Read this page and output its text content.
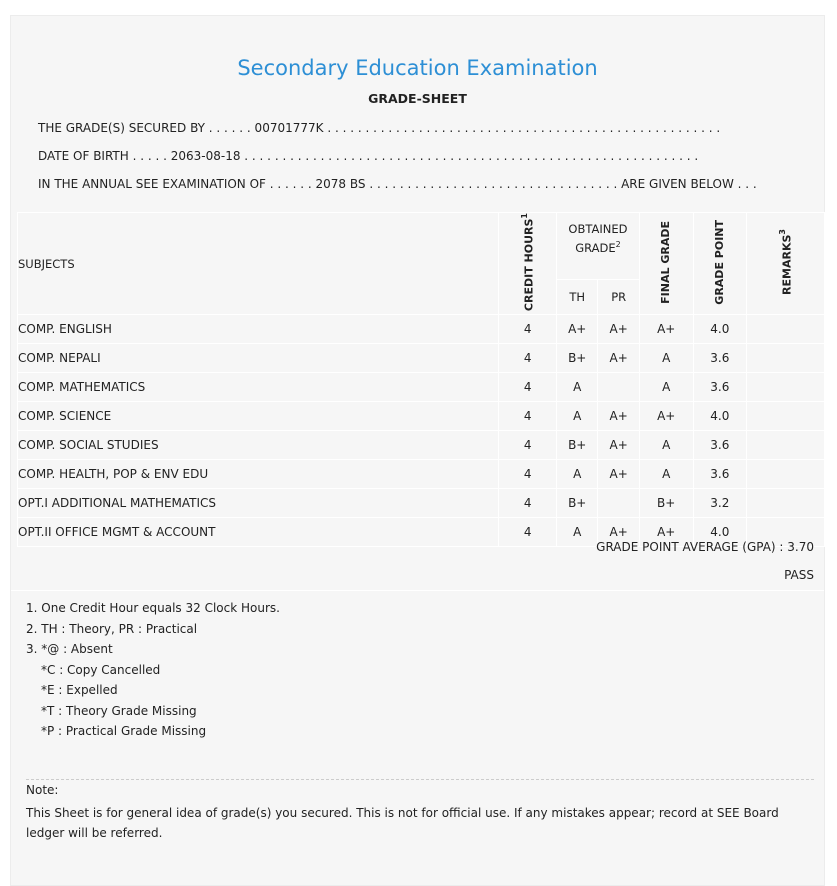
Secondary Education Examination
GRADE-SHEET
THE GRADE(S) SECURED BY . . . . . . 00701777K . . . . . . . . . . . . . . . . . . . . . . . . . . . . . . . . . . . . . . . . . . . . . . . . . . . .
DATE OF BIRTH . . . . . 2063-08-18 . . . . . . . . . . . . . . . . . . . . . . . . . . . . . . . . . . . . . . . . . . . . . . . . . . . . . . . . . . . .
IN THE ANNUAL SEE EXAMINATION OF . . . . . . 2078 BS . . . . . . . . . . . . . . . . . . . . . . . . . . . . . . . . . ARE GIVEN BELOW . . .
SUBJECTS	CREDIT HOURS$^1$	OBTAINED GRADE$^2$		FINAL GRADE	GRADE POINT	REMARKS$^3$
		TH	PR			
COMP. ENGLISH	4	A+	A+	A+	4.0	
COMP. NEPALI	4	B+	A+	A	3.6	
COMP. MATHEMATICS	4	A		A	3.6	
COMP. SCIENCE	4	A	A+	A+	4.0	
COMP. SOCIAL STUDIES	4	B+	A+	A	3.6	
COMP. HEALTH, POP & ENV EDU	4	A	A+	A	3.6	
OPT.I ADDITIONAL MATHEMATICS	4	B+		B+	3.2	
OPT.II OFFICE MGMT & ACCOUNT	4	A	A+	A+	4.0	
GRADE POINT AVERAGE (GPA) : 3.70
PASS
1. One Credit Hour equals 32 Clock Hours.
2. TH : Theory, PR : Practical
3. *@ : Absent
*C : Copy Cancelled
*E : Expelled
*T : Theory Grade Missing
*P : Practical Grade Missing
Note:
This Sheet is for general idea of grade(s) you secured. This is not for official use. If any mistakes appear; record at SEE Board ledger will be referred.
